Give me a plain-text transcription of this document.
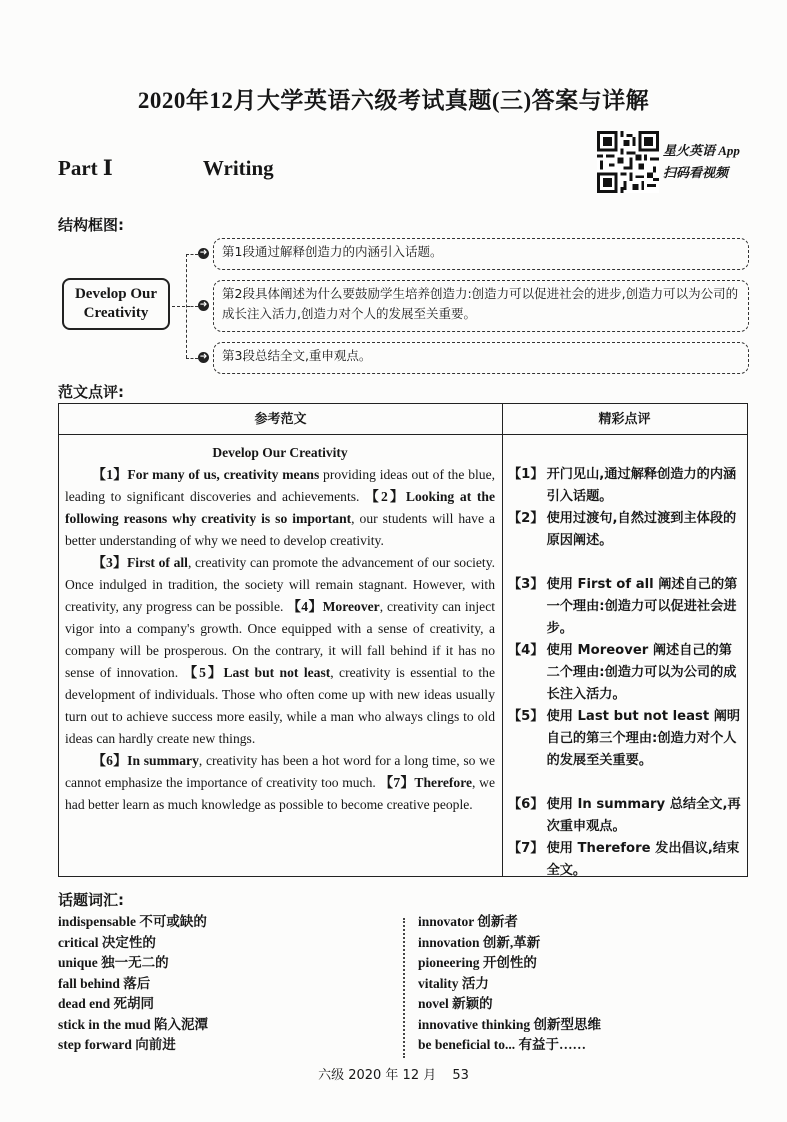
2020年12月大学英语六级考试真题(三)答案与详解
Part Ⅰ	Writing
星火英语 App
扫码看视频
结构框图:
Develop Our
Creativity
➜
➜
➜
第1段通过解释创造力的内涵引入话题。
第2段具体阐述为什么要鼓励学生培养创造力:创造力可以促进社会的进步,创造力可以为公司的成长注入活力,创造力对个人的发展至关重要。
第3段总结全文,重申观点。
范文点评:
参考范文	精彩点评
Develop Our Creativity

【1】For many of us, creativity means providing ideas out of the blue, leading to significant discoveries and achievements. 【2】Looking at the following reasons why creativity is so important, our students will have a better understanding of why we need to develop creativity.

【3】First of all, creativity can promote the advancement of our society. Once indulged in tradition, the society will remain stagnant. However, with creativity, any progress can be possible. 【4】Moreover, creativity can inject vigor into a company's growth. Once equipped with a sense of creativity, a company will be prosperous. On the contrary, it will fall behind if it has no sense of innovation. 【5】Last but not least, creativity is essential to the development of individuals. Those who often come up with new ideas usually turn out to achieve success more easily, while a man who always clings to old ideas can hardly create new things.

【6】In summary, creativity has been a hot word for a long time, so we cannot emphasize the importance of creativity too much. 【7】Therefore, we had better learn as much knowledge as possible to become creative people.

【1】 开门见山,通过解释创造力的内涵引入话题。
【2】 使用过渡句,自然过渡到主体段的原因阐述。
【3】 使用 First of all 阐述自己的第一个理由:创造力可以促进社会进步。
【4】 使用 Moreover 阐述自己的第二个理由:创造力可以为公司的成长注入活力。
【5】 使用 Last but not least 阐明自己的第三个理由:创造力对个人的发展至关重要。
【6】 使用 In summary 总结全文,再次重申观点。
【7】 使用 Therefore 发出倡议,结束全文。
话题词汇:
indispensable 不可或缺的
critical 决定性的
unique 独一无二的
fall behind 落后
dead end 死胡同
stick in the mud 陷入泥潭
step forward 向前进
innovator 创新者
innovation 创新,革新
pioneering 开创性的
vitality 活力
novel 新颖的
innovative thinking 创新型思维
be beneficial to... 有益于……
六级 2020 年 12 月 53
